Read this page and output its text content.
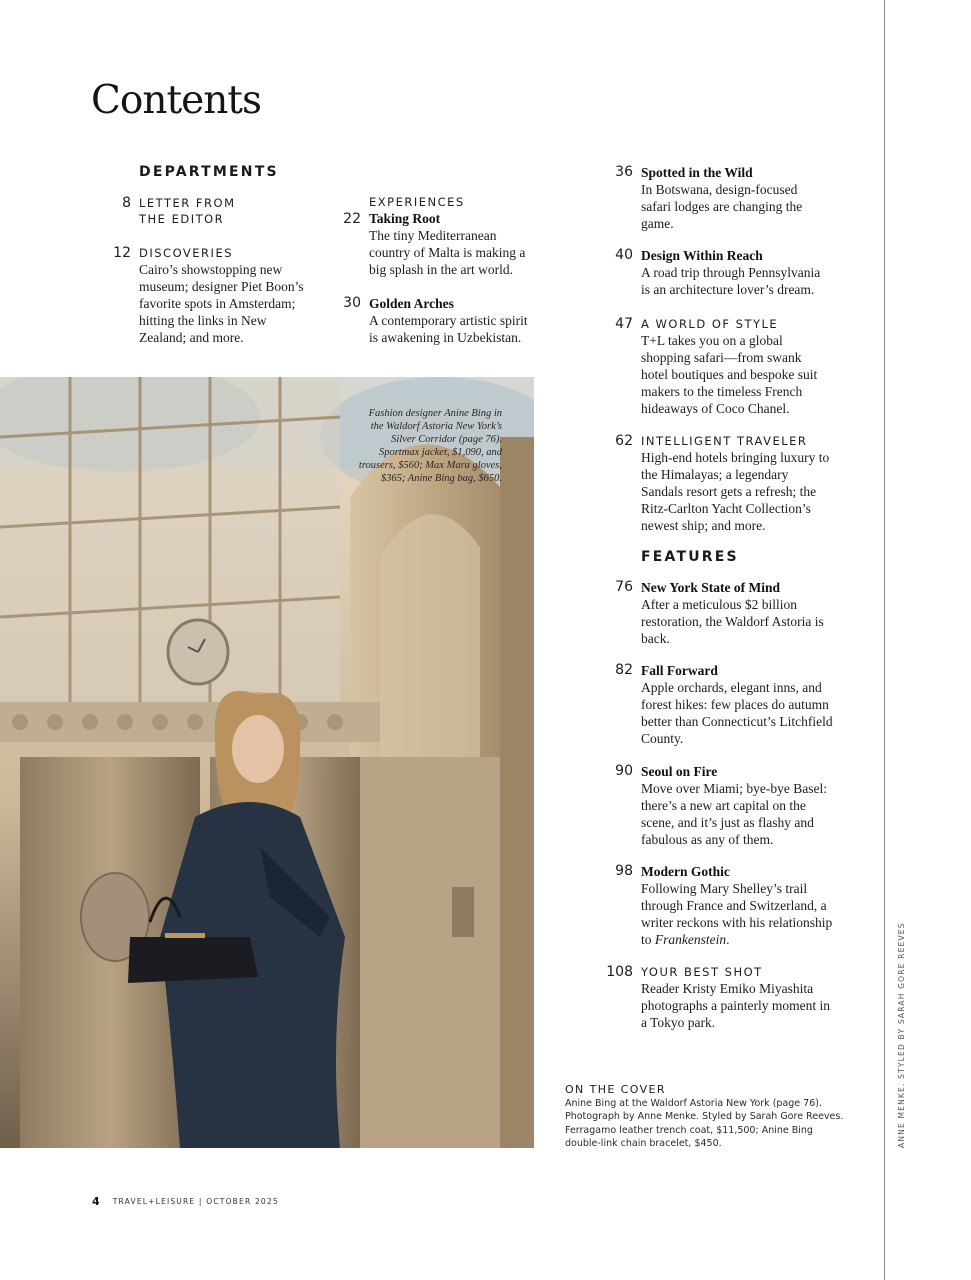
Contents
DEPARTMENTS
8 LETTER FROM THE EDITOR
12 DISCOVERIES
Cairo’s showstopping new museum; designer Piet Boon’s favorite spots in Amsterdam; hitting the links in New Zealand; and more.
22
EXPERIENCES
Taking Root
The tiny Mediterranean country of Malta is making a big splash in the art world.
30 Golden Arches
A contemporary artistic spirit is awakening in Uzbekistan.
36 Spotted in the Wild
In Botswana, design-focused safari lodges are changing the game.
40 Design Within Reach
A road trip through Pennsylvania is an architecture lover’s dream.
47 A WORLD OF STYLE
T+L takes you on a global shopping safari—from swank hotel boutiques and bespoke suit makers to the timeless French hideaways of Coco Chanel.
62 INTELLIGENT TRAVELER
High-end hotels bringing luxury to the Himalayas; a legendary Sandals resort gets a refresh; the Ritz-Carlton Yacht Collection’s newest ship; and more.
FEATURES
76 New York State of Mind
After a meticulous $2 billion restoration, the Waldorf Astoria is back.
82 Fall Forward
Apple orchards, elegant inns, and forest hikes: few places do autumn better than Connecticut’s Litchfield County.
90 Seoul on Fire
Move over Miami; bye-bye Basel: there’s a new art capital on the scene, and it’s just as flashy and fabulous as any of them.
98 Modern Gothic
Following Mary Shelley’s trail through France and Switzerland, a writer reckons with his relationship to Frankenstein.
108 YOUR BEST SHOT
Reader Kristy Emiko Miyashita photographs a painterly moment in a Tokyo park.
Fashion designer Anine Bing in the Waldorf Astoria New York’s Silver Corridor (page 76). Sportmax jacket, $1,090, and trousers, $560; Max Mara gloves, $365; Anine Bing bag, $650.
ON THE COVER
Anine Bing at the Waldorf Astoria New York (page 76). Photograph by Anne Menke. Styled by Sarah Gore Reeves. Ferragamo leather trench coat, $11,500; Anine Bing double-link chain bracelet, $450.	ANNE MENKE. STYLED BY SARAH GORE REEVES
4 TRAVEL+LEISURE | OCTOBER 2025
